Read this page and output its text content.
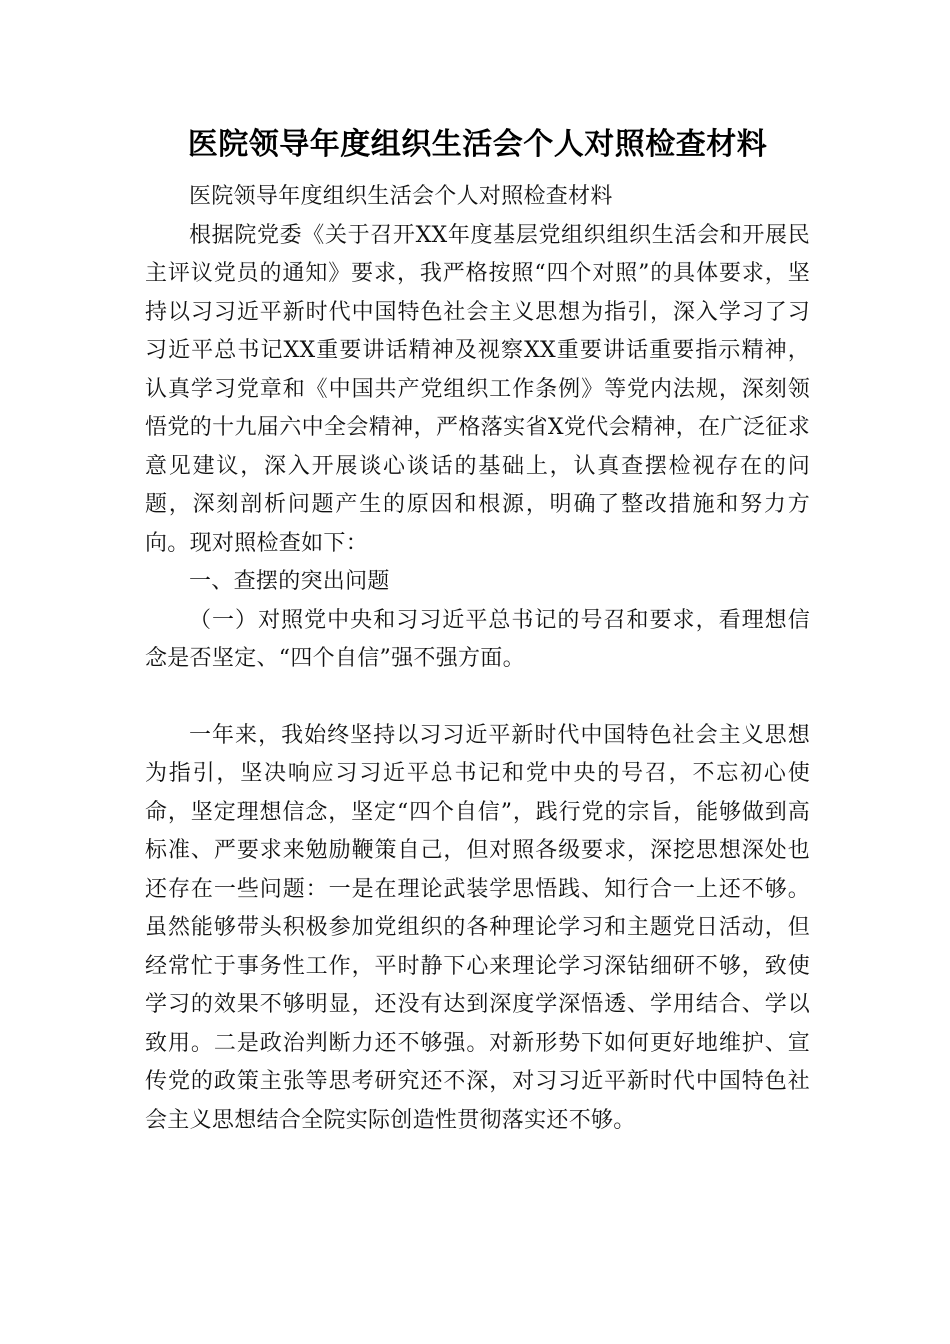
医院领导年度组织生活会个人对照检查材料

医院领导年度组织生活会个人对照检查材料

根据院党委《关于召开XX年度基层党组织组织生活会和开展民主评议党员的通知》要求，我严格按照“四个对照”的具体要求，坚持以习习近平新时代中国特色社会主义思想为指引，深入学习了习习近平总书记XX重要讲话精神及视察XX重要讲话重要指示精神，认真学习党章和《中国共产党组织工作条例》等党内法规，深刻领悟党的十九届六中全会精神，严格落实省X党代会精神，在广泛征求意见建议，深入开展谈心谈话的基础上，认真查摆检视存在的问题，深刻剖析问题产生的原因和根源，明确了整改措施和努力方向。现对照检查如下：

一、查摆的突出问题

（一）对照党中央和习习近平总书记的号召和要求，看理想信念是否坚定、“四个自信”强不强方面。

一年来，我始终坚持以习习近平新时代中国特色社会主义思想为指引，坚决响应习习近平总书记和党中央的号召，不忘初心使命，坚定理想信念，坚定“四个自信”，践行党的宗旨，能够做到高标准、严要求来勉励鞭策自己，但对照各级要求，深挖思想深处也还存在一些问题：一是在理论武装学思悟践、知行合一上还不够。虽然能够带头积极参加党组织的各种理论学习和主题党日活动，但经常忙于事务性工作，平时静下心来理论学习深钻细研不够，致使学习的效果不够明显，还没有达到深度学深悟透、学用结合、学以致用。二是政治判断力还不够强。对新形势下如何更好地维护、宣传党的政策主张等思考研究还不深，对习习近平新时代中国特色社会主义思想结合全院实际创造性贯彻落实还不够。
